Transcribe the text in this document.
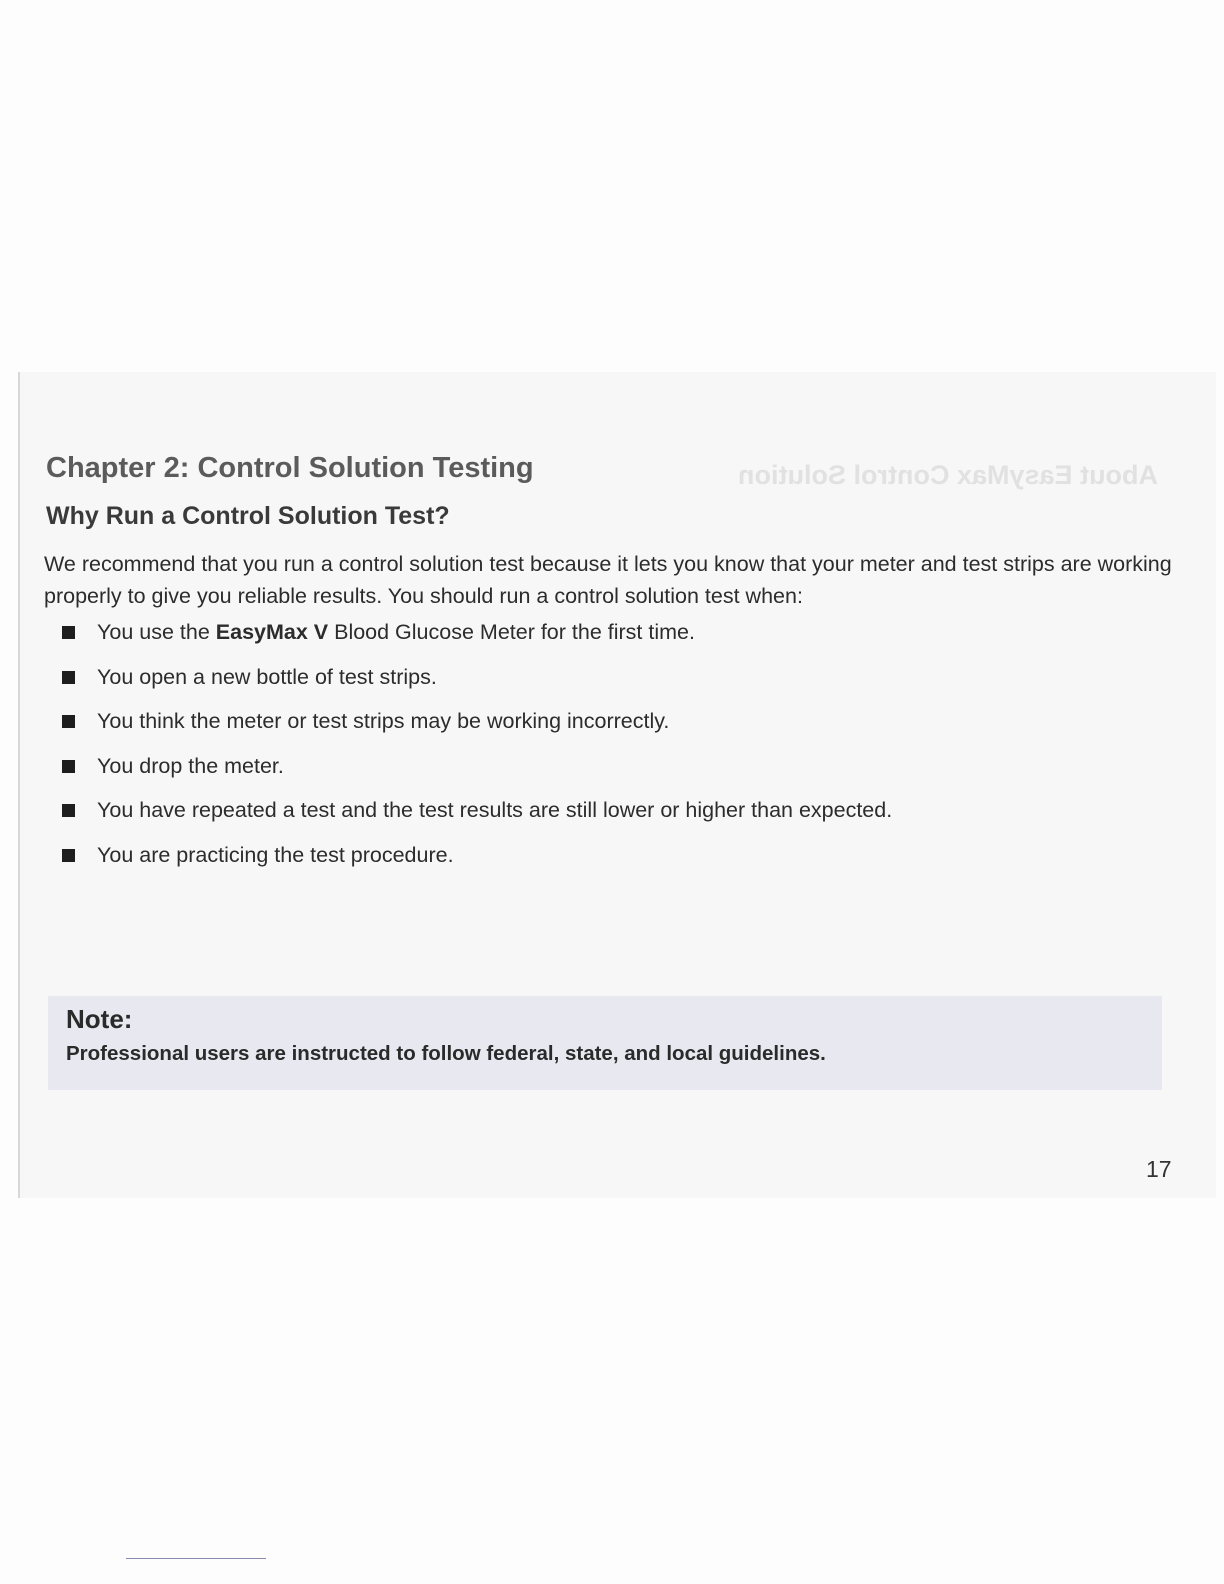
About EasyMax Control Solution
Chapter 2: Control Solution Testing
Why Run a Control Solution Test?

We recommend that you run a control solution test because it lets you know that your meter and test strips are working properly to give you reliable results. You should run a control solution test when:

You use the EasyMax V Blood Glucose Meter for the first time.
You open a new bottle of test strips.
You think the meter or test strips may be working incorrectly.
You drop the meter.
You have repeated a test and the test results are still lower or higher than expected.
You are practicing the test procedure.
Note:
Professional users are instructed to follow federal, state, and local guidelines.
17
